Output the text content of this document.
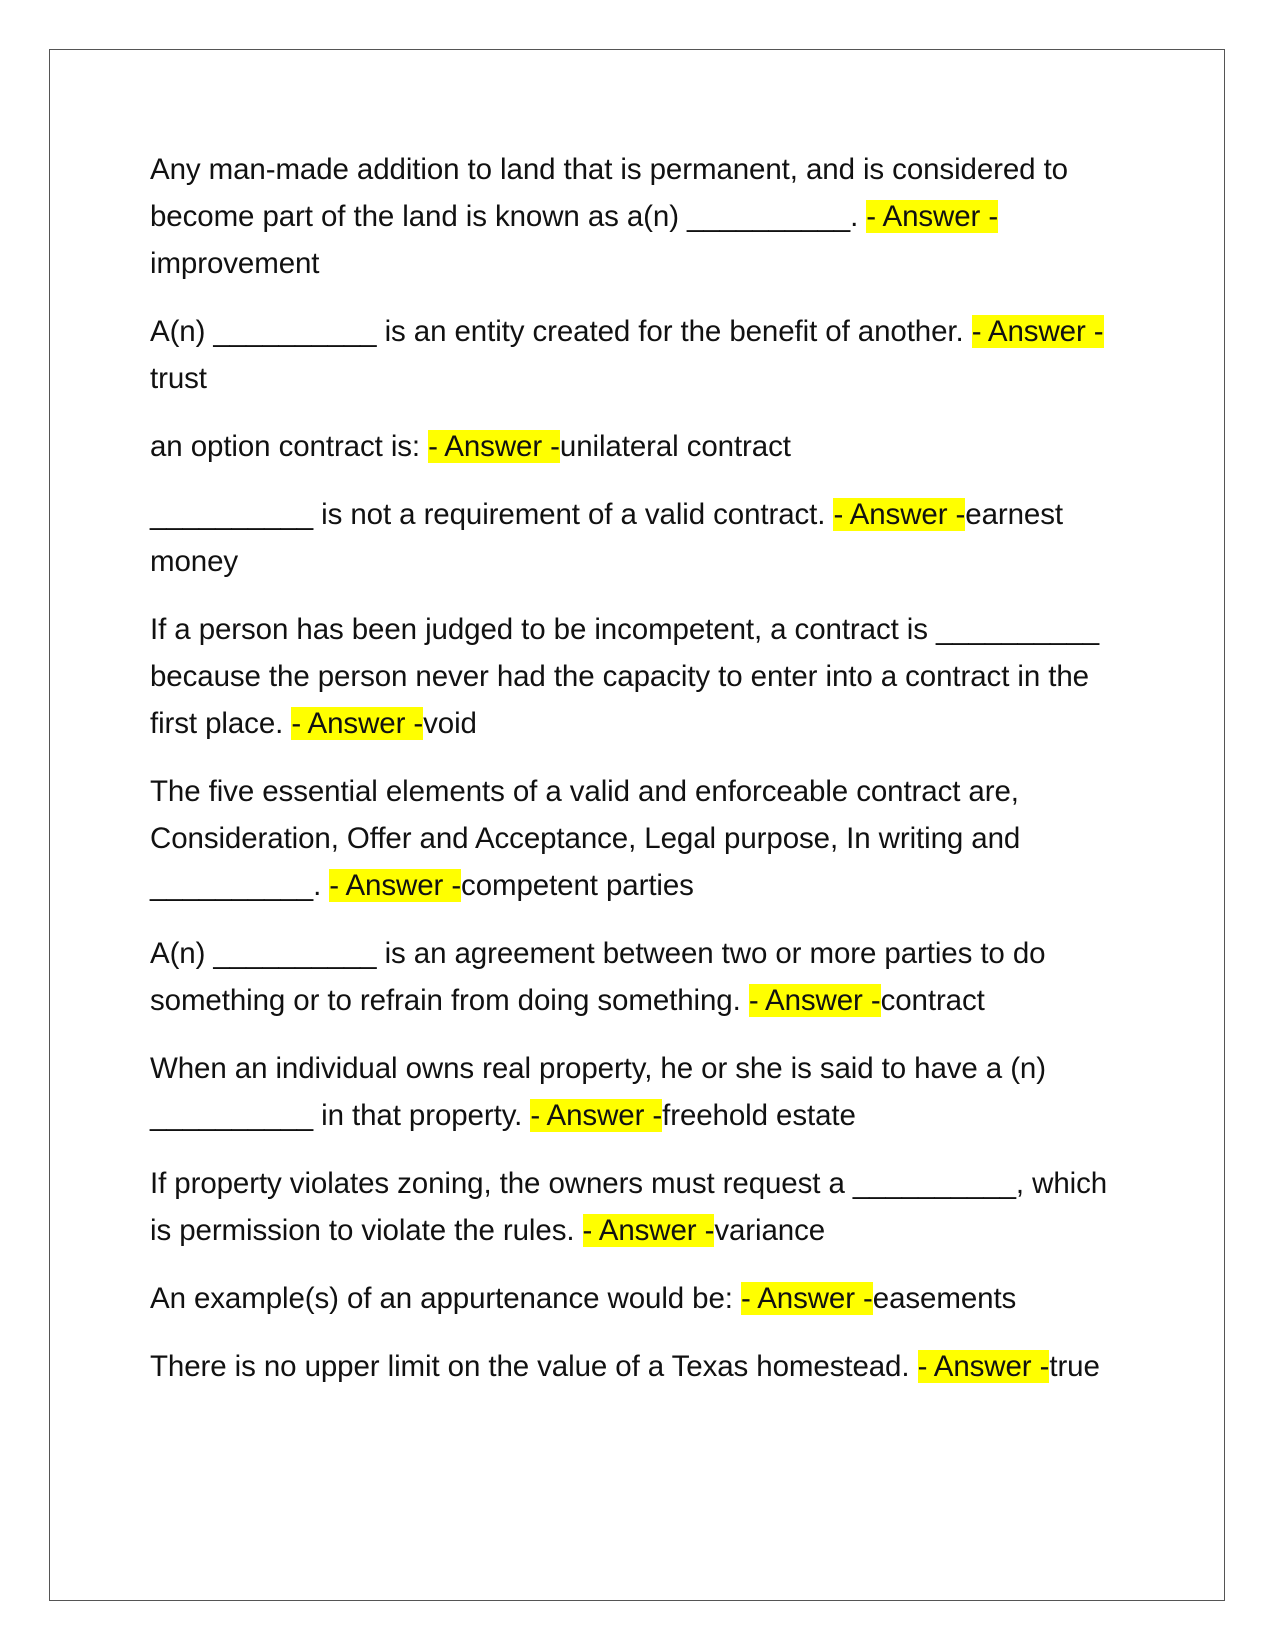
Any man-made addition to land that is permanent, and is considered to become part of the land is known as a(n) __________. - Answer -improvement

A(n) __________ is an entity created for the benefit of another. - Answer -trust

an option contract is: - Answer -unilateral contract

__________ is not a requirement of a valid contract. - Answer -earnest money

If a person has been judged to be incompetent, a contract is __________ because the person never had the capacity to enter into a contract in the first place. - Answer -void

The five essential elements of a valid and enforceable contract are, Consideration, Offer and Acceptance, Legal purpose, In writing and __________. - Answer -competent parties

A(n) __________ is an agreement between two or more parties to do something or to refrain from doing something. - Answer -contract

When an individual owns real property, he or she is said to have a (n) __________ in that property. - Answer -freehold estate

If property violates zoning, the owners must request a __________, which is permission to violate the rules. - Answer -variance

An example(s) of an appurtenance would be: - Answer -easements

There is no upper limit on the value of a Texas homestead. - Answer -true
